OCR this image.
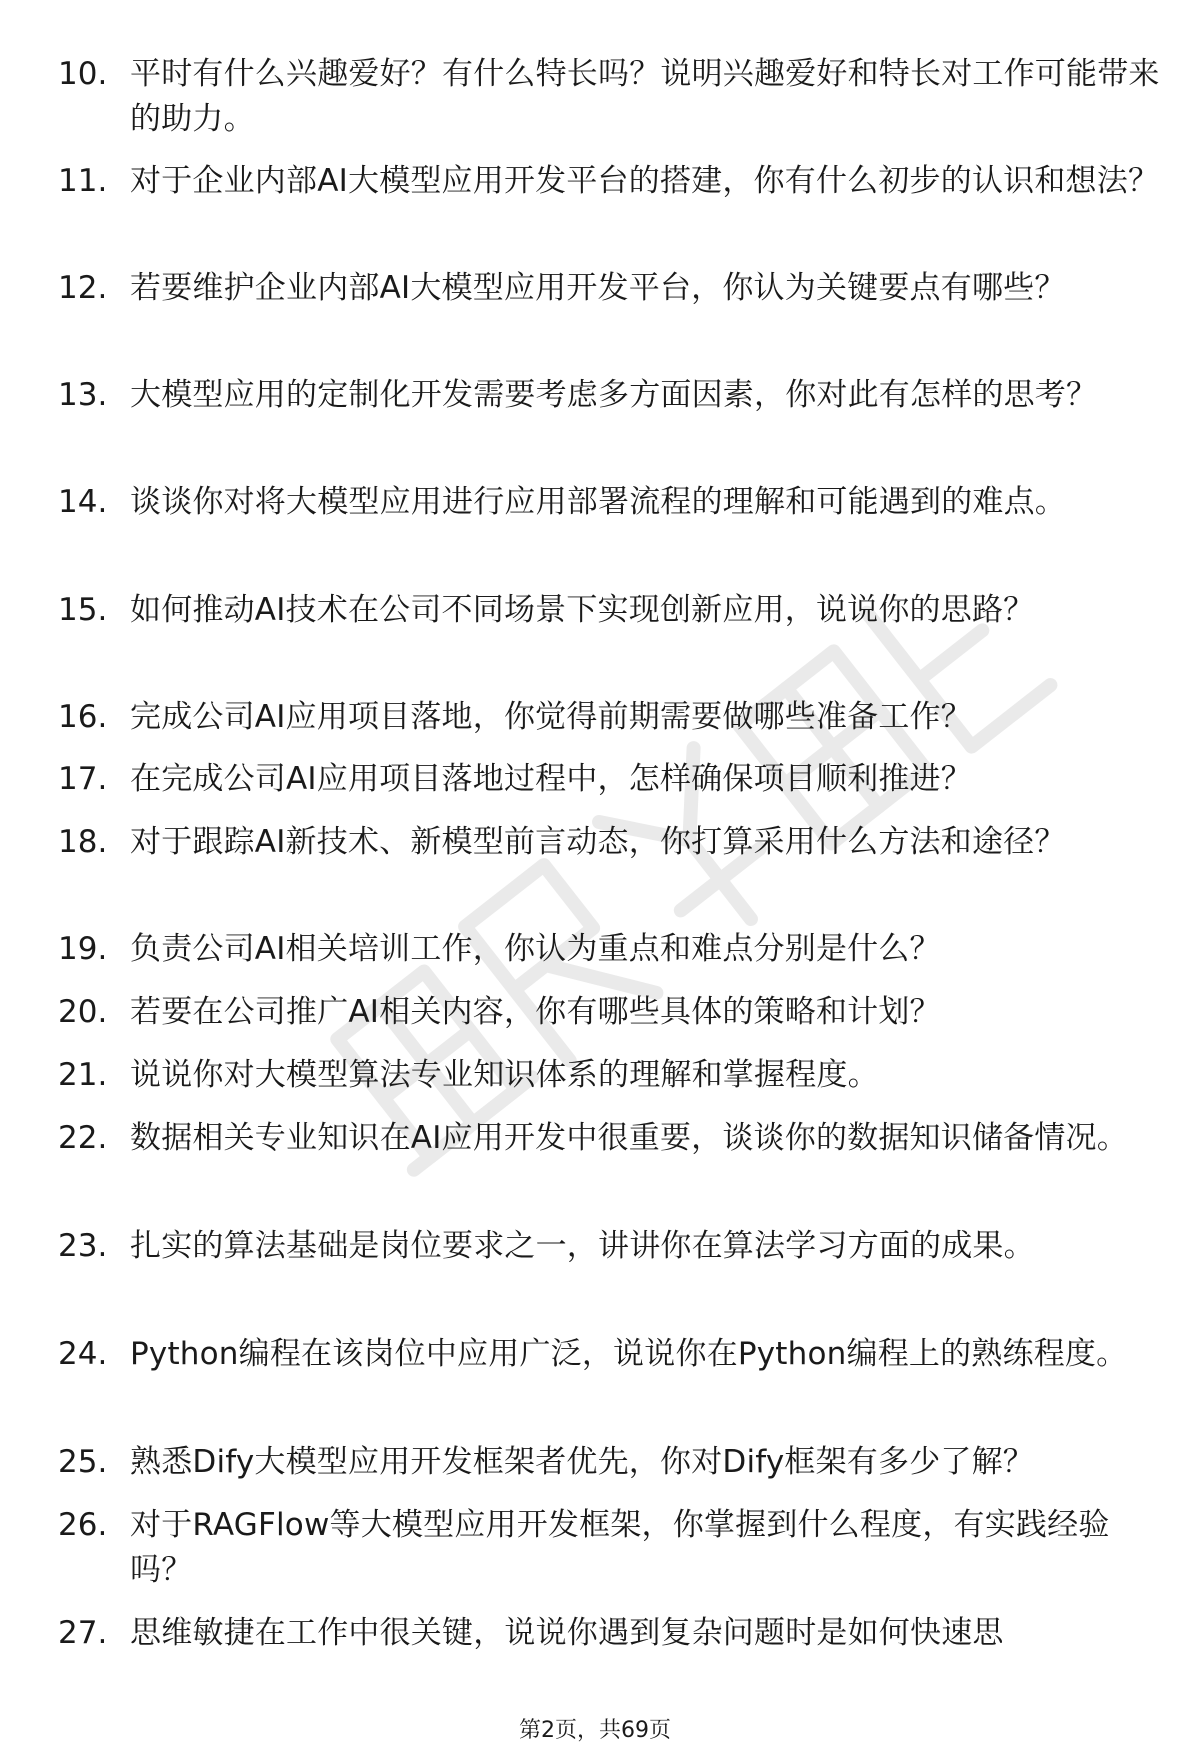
10. 平时有什么兴趣爱好？有什么特长吗？说明兴趣爱好和特长对工作可能带来的助力。
11. 对于企业内部AI大模型应用开发平台的搭建，你有什么初步的认识和想法？
12. 若要维护企业内部AI大模型应用开发平台，你认为关键要点有哪些？
13. 大模型应用的定制化开发需要考虑多方面因素，你对此有怎样的思考？
14. 谈谈你对将大模型应用进行应用部署流程的理解和可能遇到的难点。
15. 如何推动AI技术在公司不同场景下实现创新应用，说说你的思路？
16. 完成公司AI应用项目落地，你觉得前期需要做哪些准备工作？
17. 在完成公司AI应用项目落地过程中，怎样确保项目顺利推进？
18. 对于跟踪AI新技术、新模型前言动态，你打算采用什么方法和途径？
19. 负责公司AI相关培训工作，你认为重点和难点分别是什么？
20. 若要在公司推广AI相关内容，你有哪些具体的策略和计划？
21. 说说你对大模型算法专业知识体系的理解和掌握程度。
22. 数据相关专业知识在AI应用开发中很重要，谈谈你的数据知识储备情况。
23. 扎实的算法基础是岗位要求之一，讲讲你在算法学习方面的成果。
24. Python编程在该岗位中应用广泛，说说你在Python编程上的熟练程度。
25. 熟悉Dify大模型应用开发框架者优先，你对Dify框架有多少了解？
26. 对于RAGFlow等大模型应用开发框架，你掌握到什么程度，有实践经验吗？
27. 思维敏捷在工作中很关键，说说你遇到复杂问题时是如何快速思
第2页，共69页
